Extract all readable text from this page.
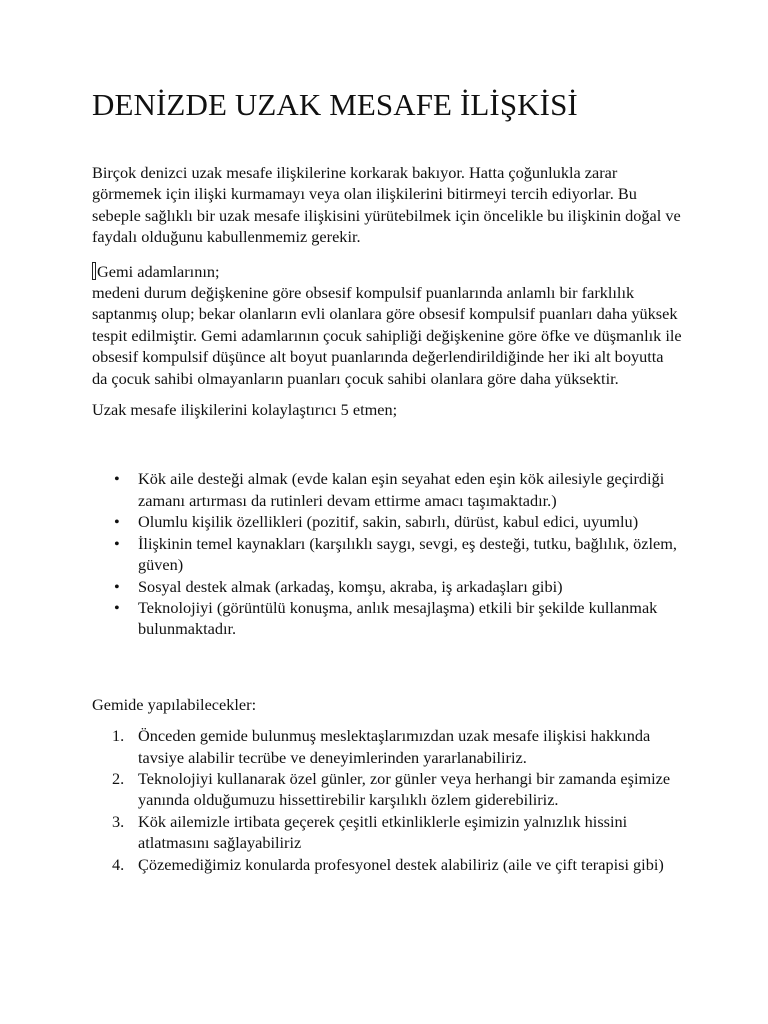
DENİZDE UZAK MESAFE İLİŞKİSİ

Birçok denizci uzak mesafe ilişkilerine korkarak bakıyor. Hatta çoğunlukla zarar görmemek için ilişki kurmamayı veya olan ilişkilerini bitirmeyi tercih ediyorlar. Bu sebeple sağlıklı bir uzak mesafe ilişkisini yürütebilmek için öncelikle bu ilişkinin doğal ve faydalı olduğunu kabullenmemiz gerekir.

Gemi adamlarının;

medeni durum değişkenine göre obsesif kompulsif puanlarında anlamlı bir farklılık saptanmış olup; bekar olanların evli olanlara göre obsesif kompulsif puanları daha yüksek tespit edilmiştir. Gemi adamlarının çocuk sahipliği değişkenine göre öfke ve düşmanlık ile obsesif kompulsif düşünce alt boyut puanlarında değerlendirildiğinde her iki alt boyutta da çocuk sahibi olmayanların puanları çocuk sahibi olanlara göre daha yüksektir.

Uzak mesafe ilişkilerini kolaylaştırıcı 5 etmen;

• Kök aile desteği almak (evde kalan eşin seyahat eden eşin kök ailesiyle geçirdiği zamanı artırması da rutinleri devam ettirme amacı taşımaktadır.)
• Olumlu kişilik özellikleri (pozitif, sakin, sabırlı, dürüst, kabul edici, uyumlu)
• İlişkinin temel kaynakları (karşılıklı saygı, sevgi, eş desteği, tutku, bağlılık, özlem, güven)
• Sosyal destek almak (arkadaş, komşu, akraba, iş arkadaşları gibi)
• Teknolojiyi (görüntülü konuşma, anlık mesajlaşma) etkili bir şekilde kullanmak bulunmaktadır.

Gemide yapılabilecekler:

1. Önceden gemide bulunmuş meslektaşlarımızdan uzak mesafe ilişkisi hakkında tavsiye alabilir tecrübe ve deneyimlerinden yararlanabiliriz.
2. Teknolojiyi kullanarak özel günler, zor günler veya herhangi bir zamanda eşimize yanında olduğumuzu hissettirebilir karşılıklı özlem giderebiliriz.
3. Kök ailemizle irtibata geçerek çeşitli etkinliklerle eşimizin yalnızlık hissini atlatmasını sağlayabiliriz
4. Çözemediğimiz konularda profesyonel destek alabiliriz (aile ve çift terapisi gibi)
